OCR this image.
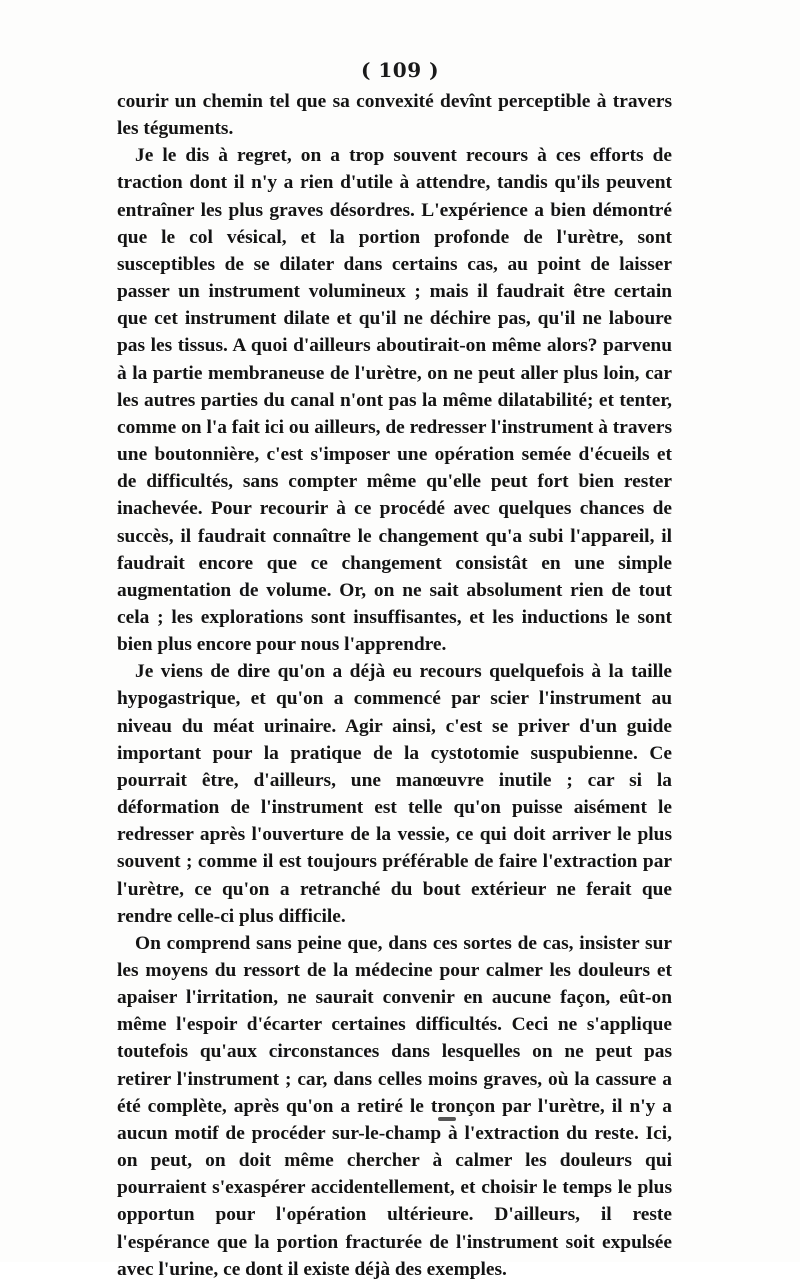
( 109 )

courir un chemin tel que sa convexité devînt perceptible à travers les téguments.

Je le dis à regret, on a trop souvent recours à ces efforts de traction dont il n'y a rien d'utile à attendre, tandis qu'ils peuvent entraîner les plus graves désordres. L'expérience a bien démontré que le col vésical, et la portion profonde de l'urètre, sont susceptibles de se dilater dans certains cas, au point de laisser passer un instrument volumineux ; mais il faudrait être certain que cet instrument dilate et qu'il ne déchire pas, qu'il ne laboure pas les tissus. A quoi d'ailleurs aboutirait-on même alors? parvenu à la partie membraneuse de l'urètre, on ne peut aller plus loin, car les autres parties du canal n'ont pas la même dilatabilité; et tenter, comme on l'a fait ici ou ailleurs, de redresser l'instrument à travers une boutonnière, c'est s'imposer une opération semée d'écueils et de difficultés, sans compter même qu'elle peut fort bien rester inachevée. Pour recourir à ce procédé avec quelques chances de succès, il faudrait connaître le changement qu'a subi l'appareil, il faudrait encore que ce changement consistât en une simple augmentation de volume. Or, on ne sait absolument rien de tout cela ; les explorations sont insuffisantes, et les inductions le sont bien plus encore pour nous l'apprendre.

Je viens de dire qu'on a déjà eu recours quelquefois à la taille hypogastrique, et qu'on a commencé par scier l'instrument au niveau du méat urinaire. Agir ainsi, c'est se priver d'un guide important pour la pratique de la cystotomie suspubienne. Ce pourrait être, d'ailleurs, une manœuvre inutile ; car si la déformation de l'instrument est telle qu'on puisse aisément le redresser après l'ouverture de la vessie, ce qui doit arriver le plus souvent ; comme il est toujours préférable de faire l'extraction par l'urètre, ce qu'on a retranché du bout extérieur ne ferait que rendre celle-ci plus difficile.

On comprend sans peine que, dans ces sortes de cas, insister sur les moyens du ressort de la médecine pour calmer les douleurs et apaiser l'irritation, ne saurait convenir en aucune façon, eût-on même l'espoir d'écarter certaines difficultés. Ceci ne s'applique toutefois qu'aux circonstances dans lesquelles on ne peut pas retirer l'instrument ; car, dans celles moins graves, où la cassure a été complète, après qu'on a retiré le tronçon par l'urètre, il n'y a aucun motif de procéder sur-le-champ à l'extraction du reste. Ici, on peut, on doit même chercher à calmer les douleurs qui pourraient s'exaspérer accidentellement, et choisir le temps le plus opportun pour l'opération ultérieure. D'ailleurs, il reste l'espérance que la portion fracturée de l'instrument soit expulsée avec l'urine, ce dont il existe déjà des exemples.
